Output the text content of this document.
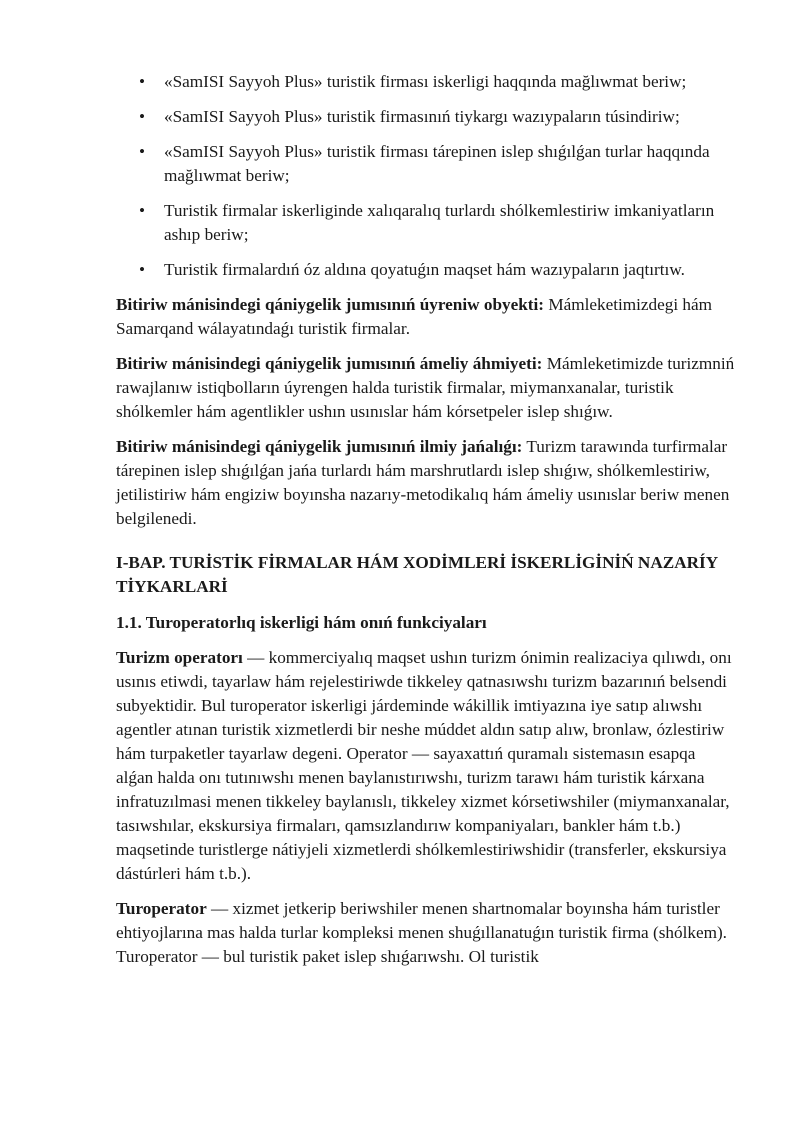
• «SamISI Sayyoh Plus» turistik firması iskerligi haqqında mağlıwmat beriw;
• «SamISI Sayyoh Plus» turistik firmasınıń tiykargı wazıypaların túsindiriw;
• «SamISI Sayyoh Plus» turistik firması tárepinen islep shıǵılǵan turlar haqqında mağlıwmat beriw;
• Turistik firmalar iskerliginde xalıqaralıq turlardı shólkemlestiriw imkaniyatların ashıp beriw;
• Turistik firmalardıń óz aldına qoyatuǵın maqset hám wazıypaların jaqtırtıw.

Bitiriw mánisindegi qániygelik jumısınıń úyreniw obyekti: Mámleketimizdegi hám Samarqand wálayatındaǵı turistik firmalar.

Bitiriw mánisindegi qániygelik jumısınıń ámeliy áhmiyeti: Mámleketimizde turizmniń rawajlanıw istiqbolların úyrengen halda turistik firmalar, miymanxanalar, turistik shólkemler hám agentlikler ushın usınıslar hám kórsetpeler islep shıǵıw.

Bitiriw mánisindegi qániygelik jumısınıń ilmiy jańalıǵı: Turizm tarawında turfirmalar tárepinen islep shıǵılǵan jańa turlardı hám marshrutlardı islep shıǵıw, shólkemlestiriw, jetilistiriw hám engiziw boyınsha nazarıy-metodikalıq hám ámeliy usınıslar beriw menen belgilenedi.

I-BAP. TURİSTİK FİRMALAR HÁM XODİMLERİ İSKERLİGİNİŃ NAZARÍY TİYKARLARİ
1.1. Turoperatorlıq iskerligi hám onıń funkciyaları

Turizm operatorı — kommerciyalıq maqset ushın turizm ónimin realizaciya qılıwdı, onı usınıs etiwdi, tayarlaw hám rejelestiriwde tikkeley qatnasıwshı turizm bazarınıń belsendi subyektidir. Bul turoperator iskerligi járdeminde wákillik imtiyazına iye satıp alıwshı agentler atınan turistik xizmetlerdi bir neshe múddet aldın satıp alıw, bronlaw, ózlestiriw hám turpaketler tayarlaw degeni. Operator — sayaxattıń quramalı sistemasın esapqa alǵan halda onı tutınıwshı menen baylanıstırıwshı, turizm tarawı hám turistik kárxana infratuzılmasi menen tikkeley baylanıslı, tikkeley xizmet kórsetiwshiler (miymanxanalar, tasıwshılar, ekskursiya firmaları, qamsızlandırıw kompaniyaları, bankler hám t.b.) maqsetinde turistlerge nátiyjeli xizmetlerdi shólkemlestiriwshidir (transferler, ekskursiya dástúrleri hám t.b.).

Turoperator — xizmet jetkerip beriwshiler menen shartnomalar boyınsha hám turistler ehtiyojlarına mas halda turlar kompleksi menen shuǵıllanatuǵın turistik firma (shólkem). Turoperator — bul turistik paket islep shıǵarıwshı. Ol turistik
